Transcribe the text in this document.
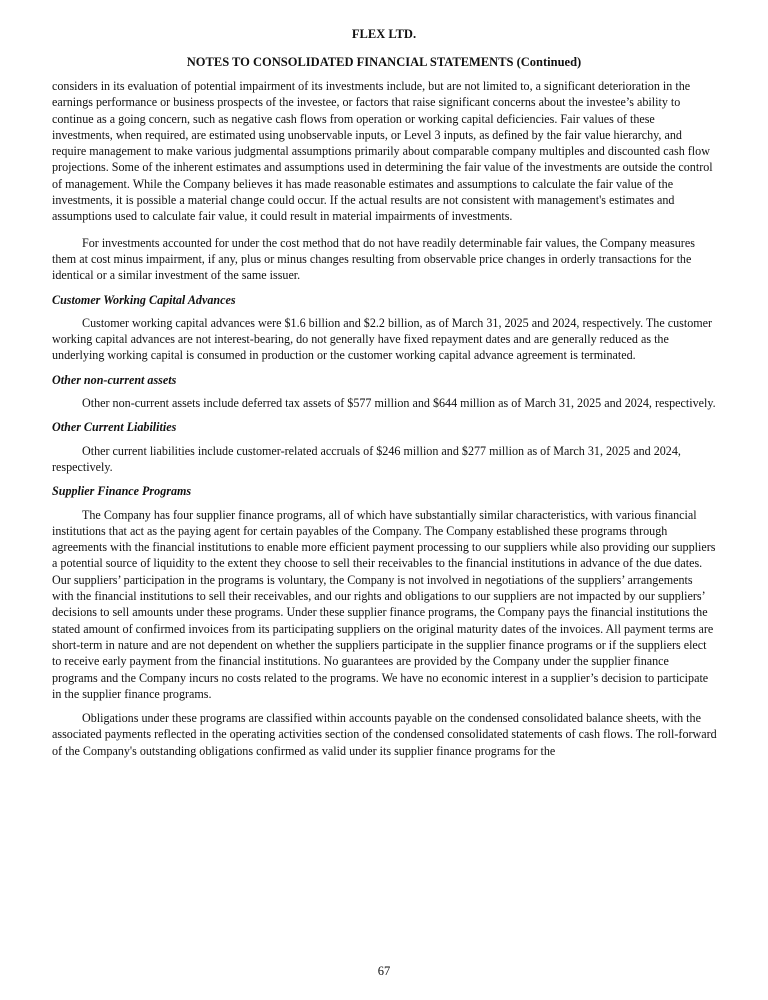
FLEX LTD.
NOTES TO CONSOLIDATED FINANCIAL STATEMENTS (Continued)

considers in its evaluation of potential impairment of its investments include, but are not limited to, a significant deterioration in the earnings performance or business prospects of the investee, or factors that raise significant concerns about the investee’s ability to continue as a going concern, such as negative cash flows from operation or working capital deficiencies. Fair values of these investments, when required, are estimated using unobservable inputs, or Level 3 inputs, as defined by the fair value hierarchy, and require management to make various judgmental assumptions primarily about comparable company multiples and discounted cash flow projections. Some of the inherent estimates and assumptions used in determining the fair value of the investments are outside the control of management. While the Company believes it has made reasonable estimates and assumptions to calculate the fair value of the investments, it is possible a material change could occur. If the actual results are not consistent with management's estimates and assumptions used to calculate fair value, it could result in material impairments of investments.

For investments accounted for under the cost method that do not have readily determinable fair values, the Company measures them at cost minus impairment, if any, plus or minus changes resulting from observable price changes in orderly transactions for the identical or a similar investment of the same issuer.

Customer Working Capital Advances

Customer working capital advances were $1.6 billion and $2.2 billion, as of March 31, 2025 and 2024, respectively. The customer working capital advances are not interest-bearing, do not generally have fixed repayment dates and are generally reduced as the underlying working capital is consumed in production or the customer working capital advance agreement is terminated.

Other non-current assets

Other non-current assets include deferred tax assets of $577 million and $644 million as of March 31, 2025 and 2024, respectively.

Other Current Liabilities

Other current liabilities include customer-related accruals of $246 million and $277 million as of March 31, 2025 and 2024, respectively.

Supplier Finance Programs

The Company has four supplier finance programs, all of which have substantially similar characteristics, with various financial institutions that act as the paying agent for certain payables of the Company. The Company established these programs through agreements with the financial institutions to enable more efficient payment processing to our suppliers while also providing our suppliers a potential source of liquidity to the extent they choose to sell their receivables to the financial institutions in advance of the due dates. Our suppliers’ participation in the programs is voluntary, the Company is not involved in negotiations of the suppliers’ arrangements with the financial institutions to sell their receivables, and our rights and obligations to our suppliers are not impacted by our suppliers’ decisions to sell amounts under these programs. Under these supplier finance programs, the Company pays the financial institutions the stated amount of confirmed invoices from its participating suppliers on the original maturity dates of the invoices. All payment terms are short-term in nature and are not dependent on whether the suppliers participate in the supplier finance programs or if the suppliers elect to receive early payment from the financial institutions. No guarantees are provided by the Company under the supplier finance programs and the Company incurs no costs related to the programs. We have no economic interest in a supplier’s decision to participate in the supplier finance programs.

Obligations under these programs are classified within accounts payable on the condensed consolidated balance sheets, with the associated payments reflected in the operating activities section of the condensed consolidated statements of cash flows. The roll-forward of the Company's outstanding obligations confirmed as valid under its supplier finance programs for the

67
